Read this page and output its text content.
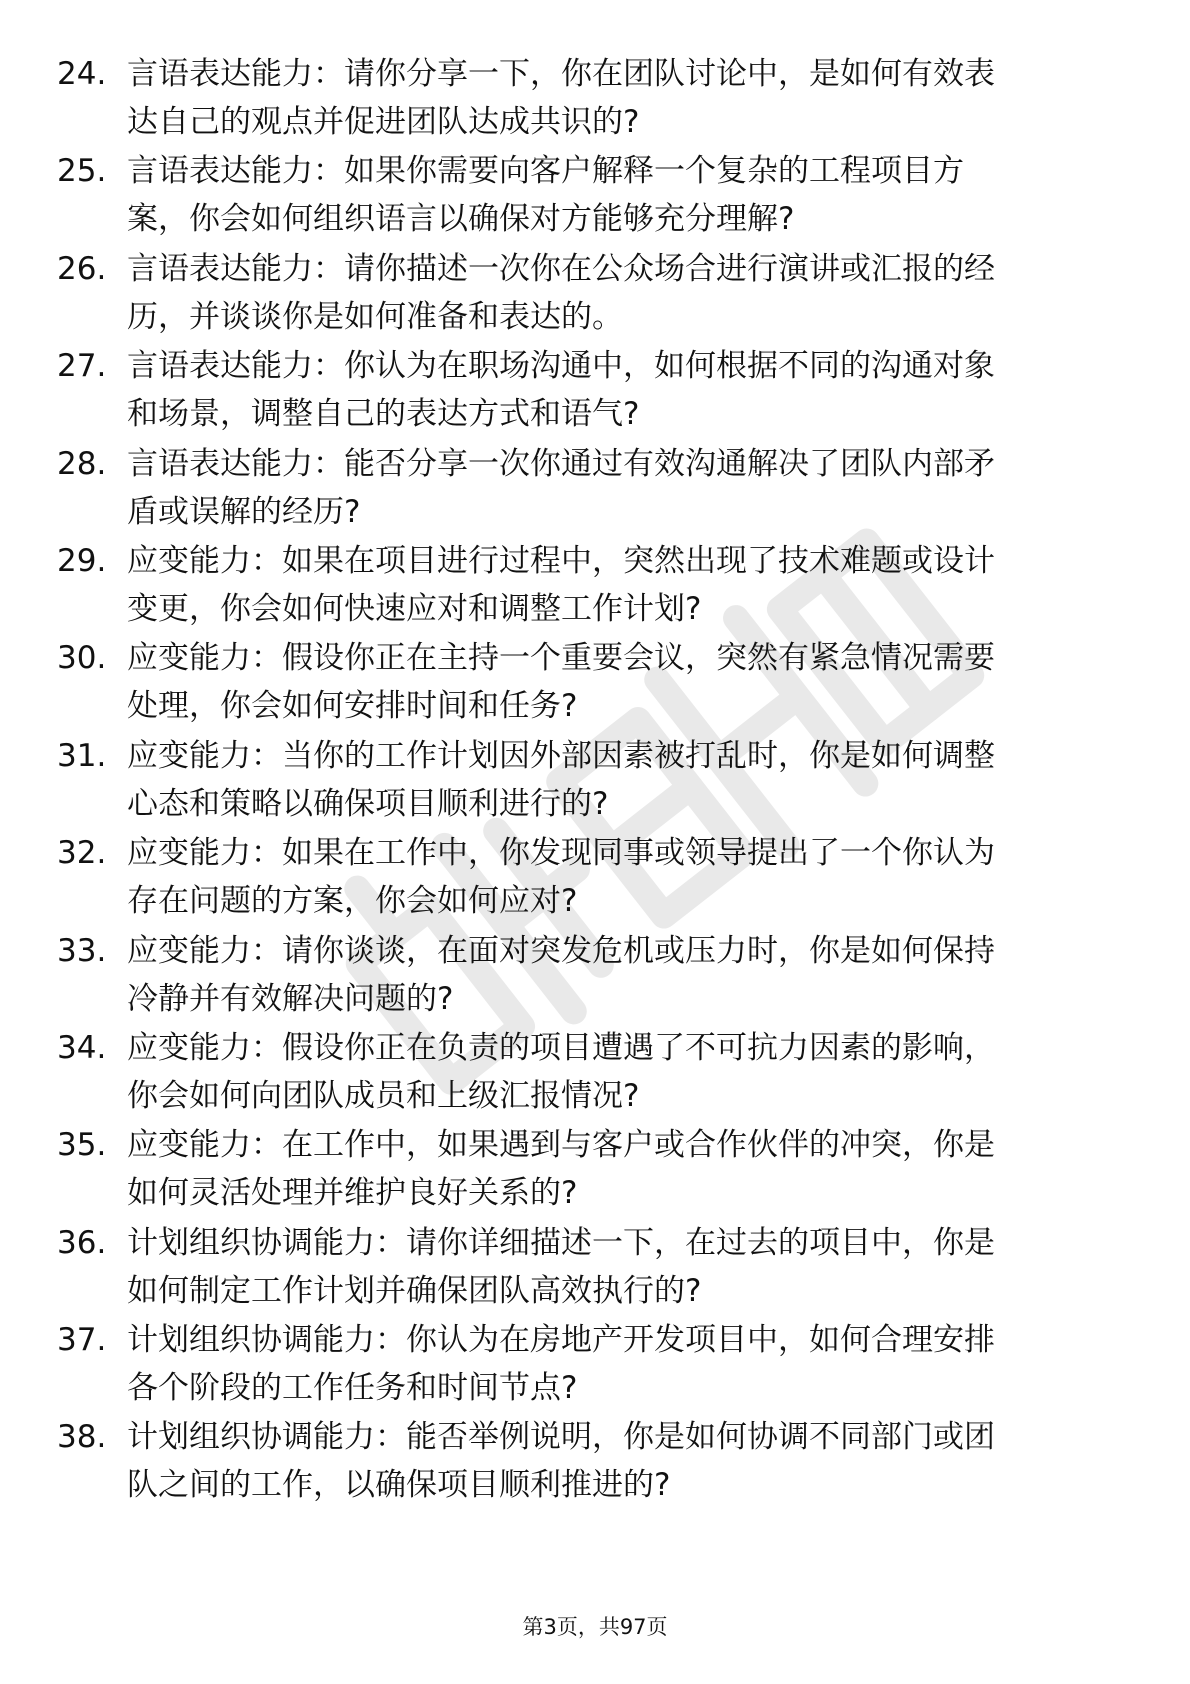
24. 言语表达能力：请你分享一下，你在团队讨论中，是如何有效表
达自己的观点并促进团队达成共识的?

25. 言语表达能力：如果你需要向客户解释一个复杂的工程项目方
案，你会如何组织语言以确保对方能够充分理解?

26. 言语表达能力：请你描述一次你在公众场合进行演讲或汇报的经
历，并谈谈你是如何准备和表达的。

27. 言语表达能力：你认为在职场沟通中，如何根据不同的沟通对象
和场景，调整自己的表达方式和语气?

28. 言语表达能力：能否分享一次你通过有效沟通解决了团队内部矛
盾或误解的经历?

29. 应变能力：如果在项目进行过程中，突然出现了技术难题或设计
变更，你会如何快速应对和调整工作计划?

30. 应变能力：假设你正在主持一个重要会议，突然有紧急情况需要
处理，你会如何安排时间和任务?

31. 应变能力：当你的工作计划因外部因素被打乱时，你是如何调整
心态和策略以确保项目顺利进行的?

32. 应变能力：如果在工作中，你发现同事或领导提出了一个你认为
存在问题的方案，你会如何应对?

33. 应变能力：请你谈谈，在面对突发危机或压力时，你是如何保持
冷静并有效解决问题的?

34. 应变能力：假设你正在负责的项目遭遇了不可抗力因素的影响，
你会如何向团队成员和上级汇报情况?

35. 应变能力：在工作中，如果遇到与客户或合作伙伴的冲突，你是
如何灵活处理并维护良好关系的?

36. 计划组织协调能力：请你详细描述一下，在过去的项目中，你是
如何制定工作计划并确保团队高效执行的?

37. 计划组织协调能力：你认为在房地产开发项目中，如何合理安排
各个阶段的工作任务和时间节点?

38. 计划组织协调能力：能否举例说明，你是如何协调不同部门或团
队之间的工作，以确保项目顺利推进的?

第3页，共97页
